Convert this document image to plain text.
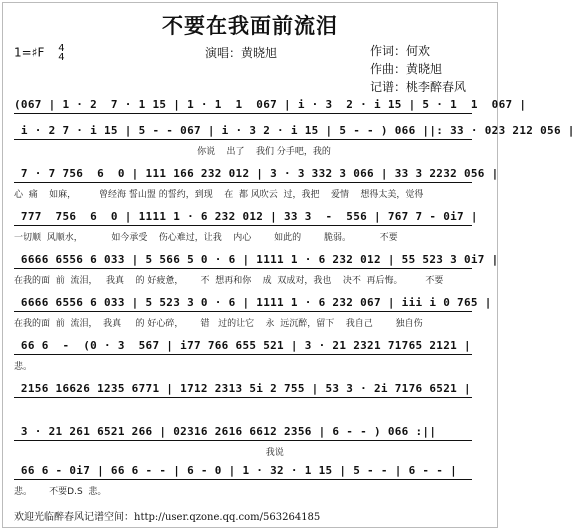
不要在我面前流泪
演唱：黄晓旭	作词：何欢
作曲：黄晓旭
记谱：桃李醉春风
1=♯F 4
4
(067 | 1 · 2  7 · 1 15 | 1 · 1  1  067 | i · 3  2 · i 15 | 5 · 1  1  067 |
i · 2 7 · i 15 | 5 - - 067 | i · 3 2 · i 15 | 5 - - ) 066 ||: 33 · 023 212 056 |
你说    出了    我们 分手吧，我的
7 · 7 756  6  0 | 111 166 232 012 | 3 · 3 332 3 066 | 33 3 2232 056 |
心  痛    如麻，        曾经海 誓山盟 的誓约，到现    在  都 风吹云  过，我把    爱情    想得太美，觉得
777  756  6  0 | 1111 1 · 6 232 012 | 33 3  -  556 | 767 7 - 0i7 |
一切顺  风顺水，          如今承受    伤心难过，让我    内心        如此的        脆弱。          不要
6666 6556 6 033 | 5 566 5 0 · 6 | 1111 1 · 6 232 012 | 55 523 3 0i7 |
在我的面  前  流泪，   我真    的 好疲惫，      不  想再和你    成  双成对，我也    决不  再后悔。        不要
6666 6556 6 033 | 5 523 3 0 · 6 | 1111 1 · 6 232 067 | iii i 0 765 |
在我的面  前  流泪，  我真     的 好心碎，      错   过的让它    永  远沉醉，留下    我自己        独自伤
66 6  -  (0 · 3  567 | i77 766 655 521 | 3 · 21 2321 71765 2121 |
悲。
2156 16626 1235 6771 | 1712 2313 5i 2 755 | 53 3 · 2i 7176 6521 |
3 · 21 261 6521 266 | 02316 2616 6612 2356 | 6 - - ) 066 :||
我说
66 6 - 0i7 | 66 6 - - | 6 - 0 | 1 · 32 · 1 15 | 5 - - | 6 - - |
悲。      不要D.S  悲。
欢迎光临醉春风记谱空间：http://user.qzone.qq.com/563264185
